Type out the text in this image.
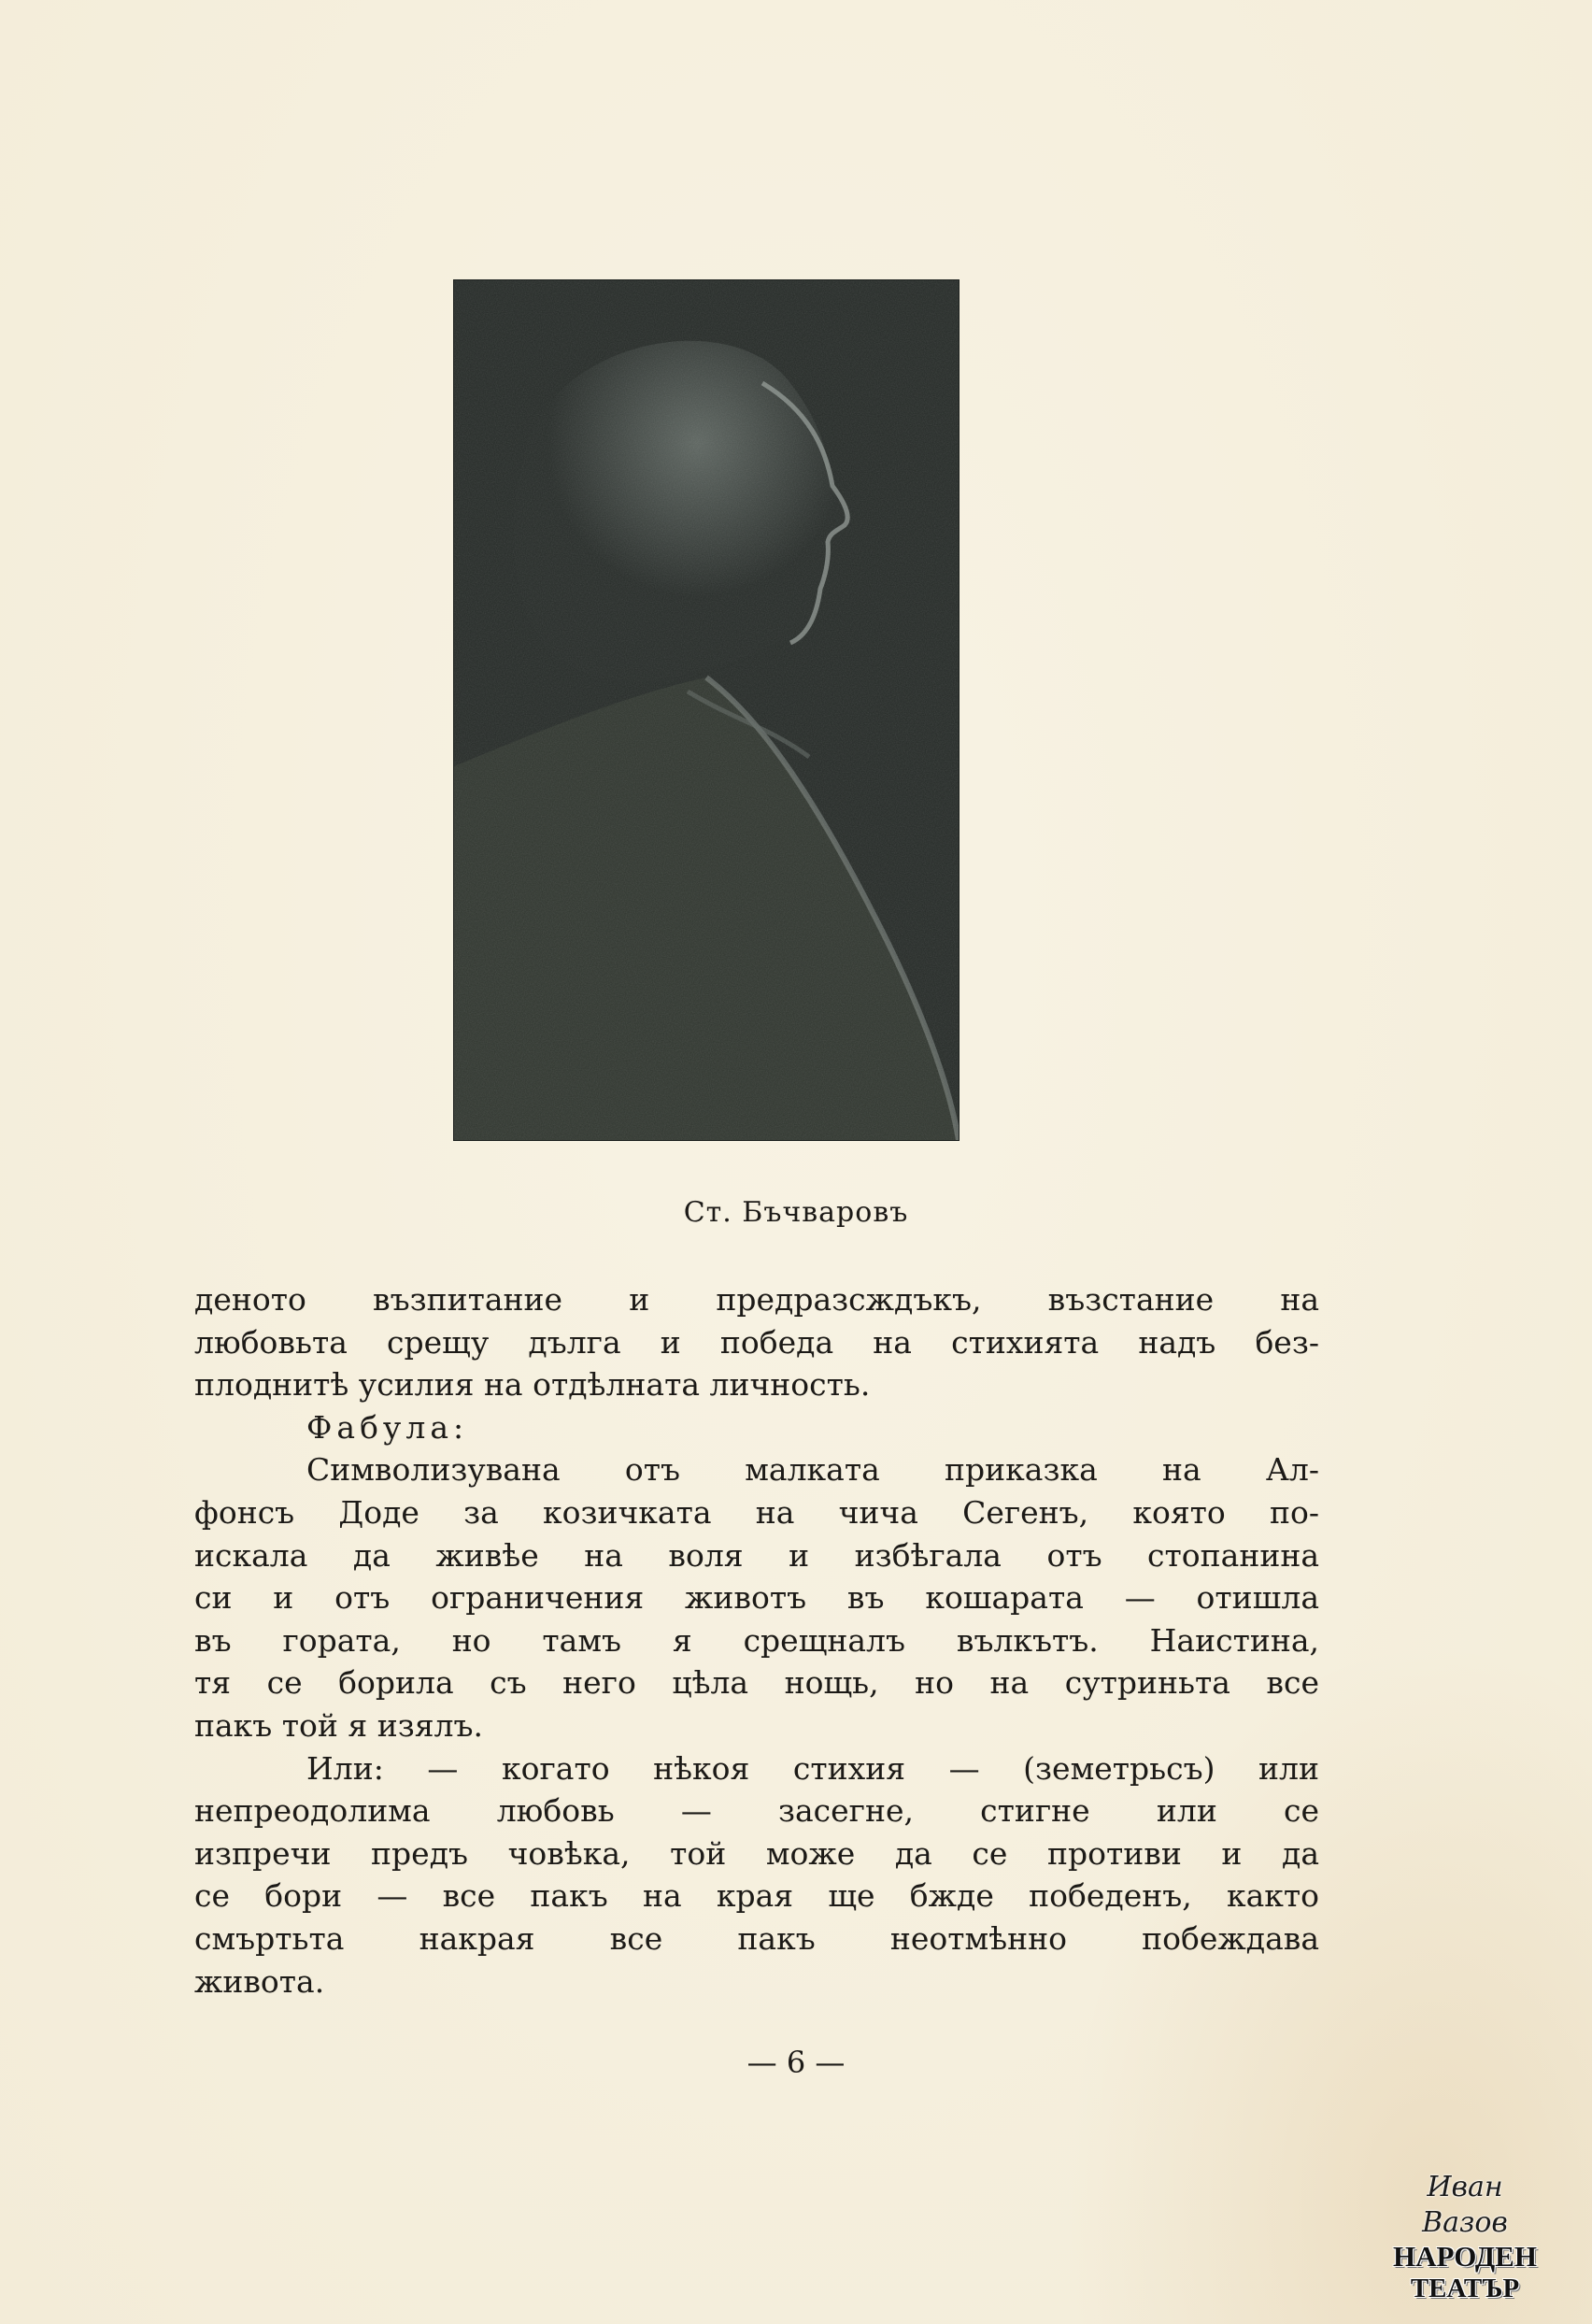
Ст. Бъчваровъ
деното възпитание и предразсждъкъ, възстание на
любовьта срещу дълга и победа на стихията надъ без-
плоднитѣ усилия на отдѣлната личность.
Фабула:
Символизувана отъ малката приказка на Ал-
фонсъ Доде за козичката на чича Сегенъ, която по-
искала да живѣе на воля и избѣгала отъ стопанина
си и отъ ограничения животъ въ кошарата — отишла
въ гората, но тамъ я срещналъ вълкътъ. Наистина,
тя се борила съ него цѣла нощь, но на сутриньта все
пакъ той я изялъ.
Или: — когато нѣкоя стихия — (земетрьсъ) или
непреодолима любовь — засегне, стигне или се
изпречи предъ човѣка, той може да се противи и да
се бори — все пакъ на края ще бжде победенъ, както
смъртьта накрая все пакъ неотмѣнно побеждава
живота.
— 6 —
Иван Вазов
НАРОДЕН
ТЕАТЪР
